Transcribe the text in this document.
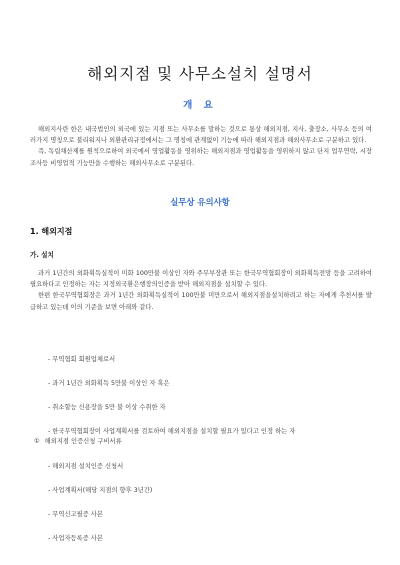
해외지점 및 사무소설치 설명서
개 요

해외지사란 한은 내국법인의 외국에 있는 지점 또는 사무소를 말하는 것으로 통상 해외지점, 지사, 출장소, 사무소 등의 여러가지 명칭으로 불리워지나 외환관리규정에서는 그 명칭에 관계없이 기능에 따라 해외지점과 해외사무소로 구분하고 있다.

즉, 독립채산제를 원칙으로하여 외국에서 영업활동을 영위하는 해외지점과 영업활동을 영위하지 않고 단지 업무연락, 시장조사등 비영업적 기능만을 수행하는 해외사무소로 구분된다.

실무상 유의사항
1. 해외지점
가. 설치

과거 1년간의 외화획득실적이 미화 100만불 이상인 자와 주무부장관 또는 한국무역협회장이 외화획득전망 등을 고려하여 필요하다고 인정하는 자는 지정외국환은행장의인증을 받아 해외지점을 설치할 수 있다.

한편 한국무역협회장은 과거 1년간 외화획득실적이 100만불 미만으로서 해외지점을설치하려고 하는 자에게 추천서를 발급하고 있는데 이의 기준을 보면 아래와 같다.

- 무역협회 회원업체로서
- 과거 1년간 외화획득 5만불 이상인 자 혹은
- 취소할능 신용장을 5만 불 이상 수취한 자
- 한국무역협회장이 사업계획서를 검토하여 해외지점을 설치할 필요가 있다고 인정 하는 자
① 해외지점 인증신청 구비서류
- 해외지점 설치인증 신청서
- 사업계획서(해당 지점의 향후 3년간)
- 무역신고필증 사본
- 사업자등록증 사본
